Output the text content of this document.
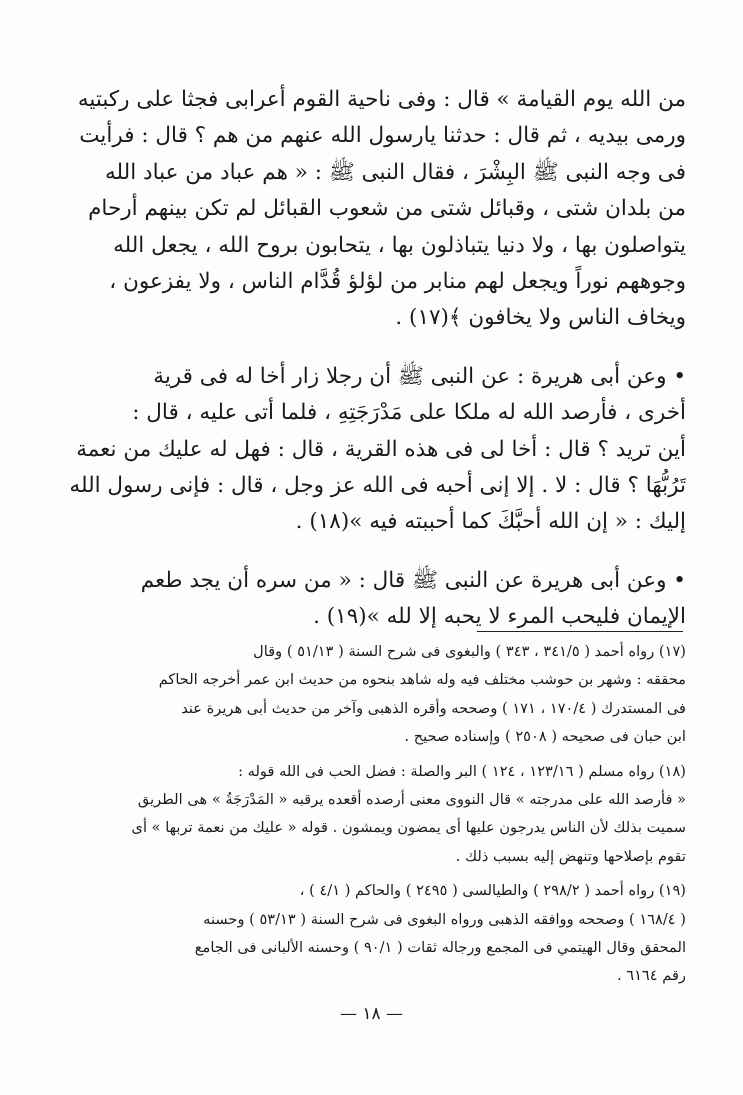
من الله يوم القيامة » قال : وفى ناحية القوم أعرابى فجثا على ركبتيه
ورمى بيديه ، ثم قال : حدثنا يارسول الله عنهم من هم ؟ قال : فرأيت
فى وجه النبى ﷺ البِشْرَ ، فقال النبى ﷺ : « هم عباد من عباد الله
من بلدان شتى ، وقبائل شتى من شعوب القبائل لم تكن بينهم أرحام
يتواصلون بها ، ولا دنيا يتباذلون بها ، يتحابون بروح الله ، يجعل الله
وجوههم نوراً ويجعل لهم منابر من لؤلؤ قُدَّام الناس ، ولا يفزعون ،
ويخاف الناس ولا يخافون ﴾(١٧) .
• وعن أبى هريرة : عن النبى ﷺ أن رجلا زار أخا له فى قرية
أخرى ، فأرصد الله له ملكا على مَدْرَجَتِهِ ، فلما أتى عليه ، قال :
أين تريد ؟ قال : أخا لى فى هذه القرية ، قال : فهل له عليك من نعمة
تَرُبُّهَا ؟ قال : لا . إلا إنى أحبه فى الله عز وجل ، قال : فإنى رسول الله
إليك : « إن الله أحبَّكَ كما أحببته فيه »(١٨) .
• وعن أبى هريرة عن النبى ﷺ قال : « من سره أن يجد طعم
الإيمان فليحب المرء لا يحبه إلا لله »(١٩) .
(١٧) رواه أحمد ( ٣٤١/٥ ، ٣٤٣ ) والبغوى فى شرح السنة ( ٥١/١٣ ) وقال
محققه : وشهر بن حوشب مختلف فيه وله شاهد بنحوه من حديث ابن عمر أخرجه الحاكم
فى المستدرك ( ١٧٠/٤ ، ١٧١ ) وصححه وأقره الذهبى وآخر من حديث أبى هريرة عند
ابن حبان فى صحيحه ( ٢٥٠٨ ) وإسناده صحيح .
(١٨) رواه مسلم ( ١٢٣/١٦ ، ١٢٤ ) البر والصلة : فضل الحب فى الله قوله :
« فأرصد الله على مدرجته » قال النووى معنى أرصده أقعده يرقبه « المَدْرَجَةُ » هى الطريق
سميت بذلك لأن الناس يدرجون عليها أى يمضون ويمشون . قوله « عليك من نعمة تربها » أى
تقوم بإصلاحها وتنهض إليه بسبب ذلك .
(١٩) رواه أحمد ( ٢٩٨/٢ ) والطيالسى ( ٢٤٩٥ ) والحاكم ( ٤/١ ) ،
( ١٦٨/٤ ) وصححه ووافقه الذهبى ورواه البغوى فى شرح السنة ( ٥٣/١٣ ) وحسنه
المحقق وقال الهيتمي فى المجمع ورجاله ثقات ( ٩٠/١ ) وحسنه الألبانى فى الجامع
رقم ٦١٦٤ .
— ١٨ —
